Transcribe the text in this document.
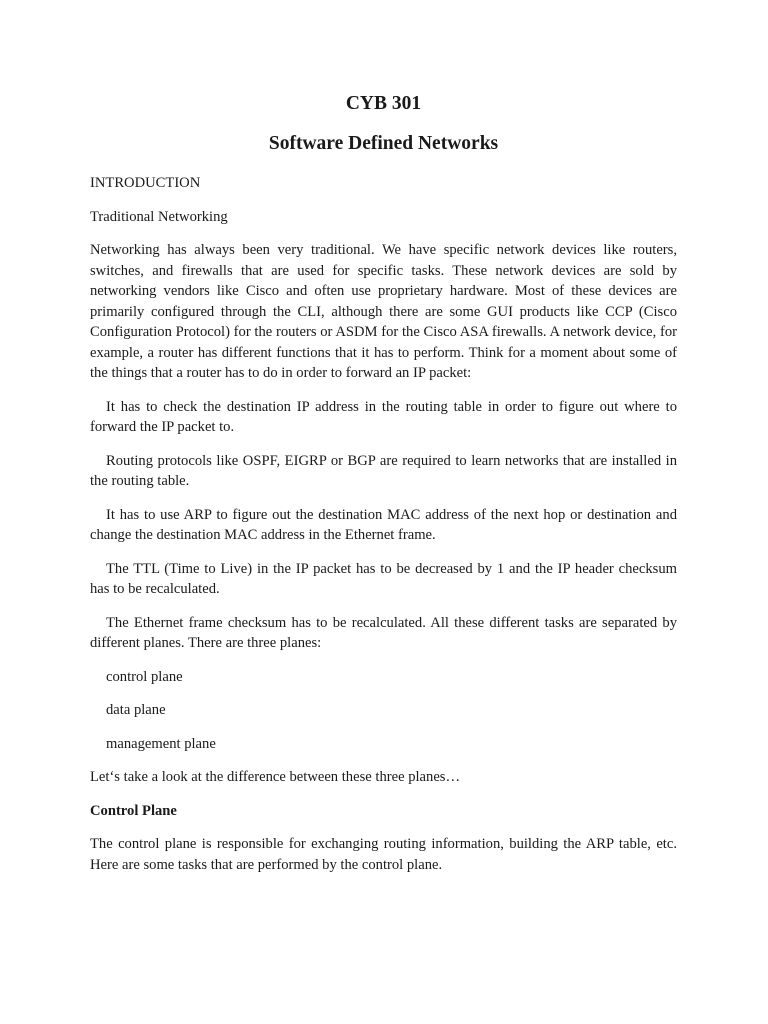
CYB 301
Software Defined Networks

INTRODUCTION

Traditional Networking

Networking has always been very traditional. We have specific network devices like routers, switches, and firewalls that are used for specific tasks. These network devices are sold by networking vendors like Cisco and often use proprietary hardware. Most of these devices are primarily configured through the CLI, although there are some GUI products like CCP (Cisco Configuration Protocol) for the routers or ASDM for the Cisco ASA firewalls. A network device, for example, a router has different functions that it has to perform. Think for a moment about some of the things that a router has to do in order to forward an IP packet:

It has to check the destination IP address in the routing table in order to figure out where to forward the IP packet to.

Routing protocols like OSPF, EIGRP or BGP are required to learn networks that are installed in the routing table.

It has to use ARP to figure out the destination MAC address of the next hop or destination and change the destination MAC address in the Ethernet frame.

The TTL (Time to Live) in the IP packet has to be decreased by 1 and the IP header checksum has to be recalculated.

The Ethernet frame checksum has to be recalculated. All these different tasks are separated by different planes. There are three planes:

control plane

data plane

management plane

Let‘s take a look at the difference between these three planes…

Control Plane

The control plane is responsible for exchanging routing information, building the ARP table, etc. Here are some tasks that are performed by the control plane.
